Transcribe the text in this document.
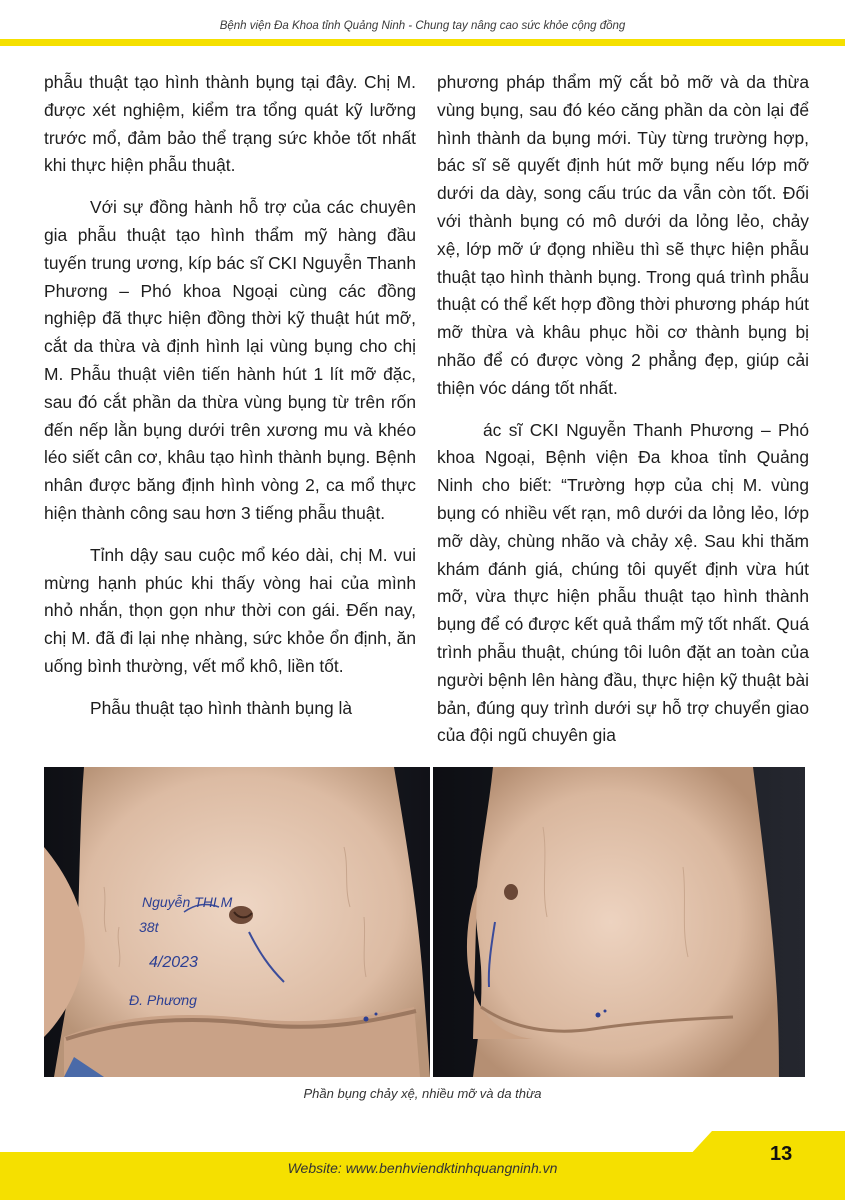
Bệnh viện Đa Khoa tỉnh Quảng Ninh - Chung tay nâng cao sức khỏe cộng đồng

phẫu thuật tạo hình thành bụng tại đây. Chị M. được xét nghiệm, kiểm tra tổng quát kỹ lưỡng trước mổ, đảm bảo thể trạng sức khỏe tốt nhất khi thực hiện phẫu thuật.

Với sự đồng hành hỗ trợ của các chuyên gia phẫu thuật tạo hình thẩm mỹ hàng đầu tuyến trung ương, kíp bác sĩ CKI Nguyễn Thanh Phương – Phó khoa Ngoại cùng các đồng nghiệp đã thực hiện đồng thời kỹ thuật hút mỡ, cắt da thừa và định hình lại vùng bụng cho chị M. Phẫu thuật viên tiến hành hút 1 lít mỡ đặc, sau đó cắt phần da thừa vùng bụng từ trên rốn đến nếp lằn bụng dưới trên xương mu và khéo léo siết cân cơ, khâu tạo hình thành bụng. Bệnh nhân được băng định hình vòng 2, ca mổ thực hiện thành công sau hơn 3 tiếng phẫu thuật.

Tỉnh dậy sau cuộc mổ kéo dài, chị M. vui mừng hạnh phúc khi thấy vòng hai của mình nhỏ nhắn, thọn gọn như thời con gái. Đến nay, chị M. đã đi lại nhẹ nhàng, sức khỏe ổn định, ăn uống bình thường, vết mổ khô, liền tốt.

Phẫu thuật tạo hình thành bụng là

phương pháp thẩm mỹ cắt bỏ mỡ và da thừa vùng bụng, sau đó kéo căng phần da còn lại để hình thành da bụng mới. Tùy từng trường hợp, bác sĩ sẽ quyết định hút mỡ bụng nếu lớp mỡ dưới da dày, song cấu trúc da vẫn còn tốt. Đối với thành bụng có mô dưới da lỏng lẻo, chảy xệ, lớp mỡ ứ đọng nhiều thì sẽ thực hiện phẫu thuật tạo hình thành bụng. Trong quá trình phẫu thuật có thể kết hợp đồng thời phương pháp hút mỡ thừa và khâu phục hồi cơ thành bụng bị nhão để có được vòng 2 phẳng đẹp, giúp cải thiện vóc dáng tốt nhất.

ác sĩ CKI Nguyễn Thanh Phương – Phó khoa Ngoại, Bệnh viện Đa khoa tỉnh Quảng Ninh cho biết: “Trường hợp của chị M. vùng bụng có nhiều vết rạn, mô dưới da lỏng lẻo, lớp mỡ dày, chùng nhão và chảy xệ. Sau khi thăm khám đánh giá, chúng tôi quyết định vừa hút mỡ, vừa thực hiện phẫu thuật tạo hình thành bụng để có được kết quả thẩm mỹ tốt nhất. Quá trình phẫu thuật, chúng tôi luôn đặt an toàn của người bệnh lên hàng đầu, thực hiện kỹ thuật bài bản, đúng quy trình dưới sự hỗ trợ chuyển giao của đội ngũ chuyên gia

Nguyễn THI M
38t
4/2023
Đ. Phương
Phần bụng chảy xệ, nhiều mỡ và da thừa
13
Website: www.benhviendktinhquangninh.vn
